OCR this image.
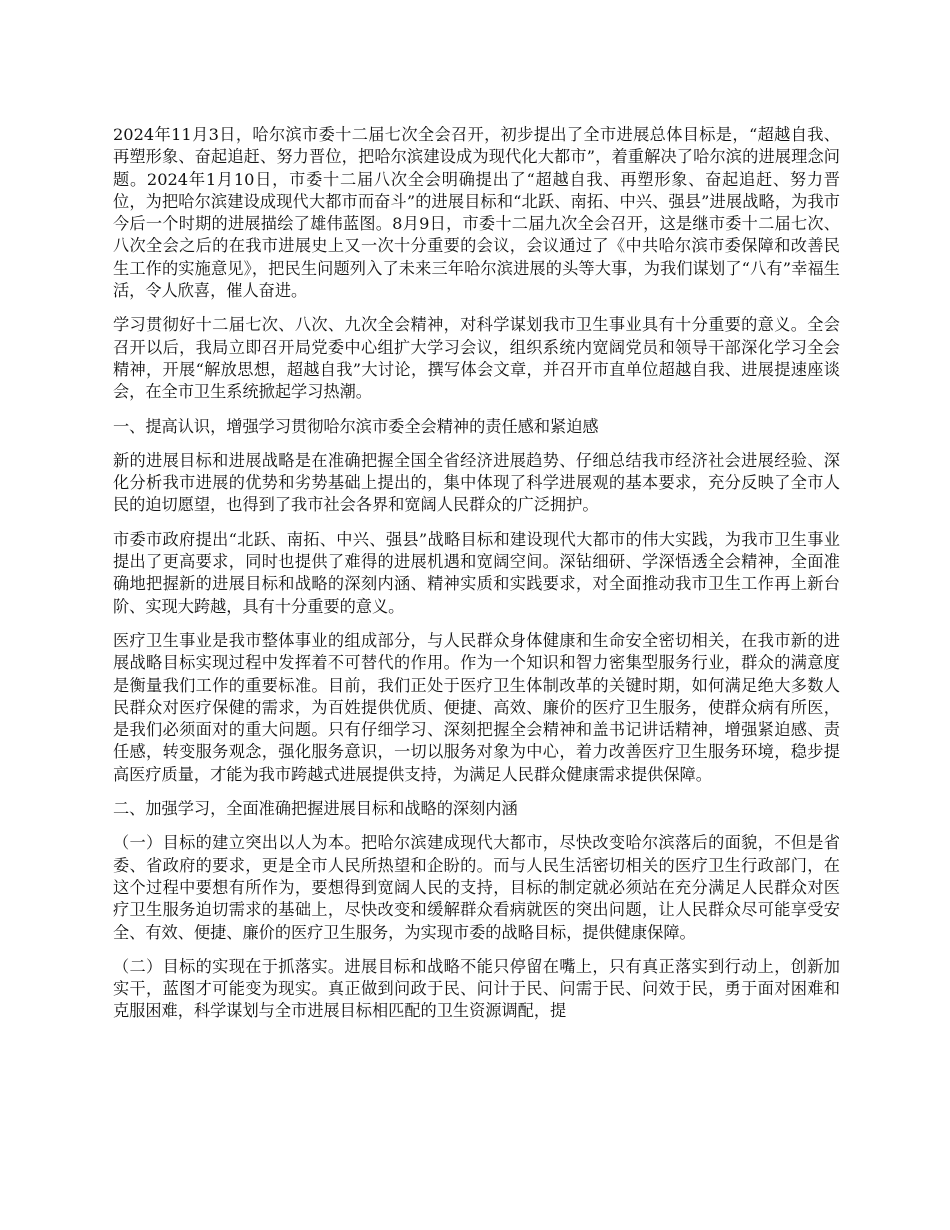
2024年11月3日，哈尔滨市委十二届七次全会召开，初步提出了全市进展总体目标是，“超越自我、再塑形象、奋起追赶、努力晋位，把哈尔滨建设成为现代化大都市”，着重解决了哈尔滨的进展理念问题。2024年1月10日，市委十二届八次全会明确提出了“超越自我、再塑形象、奋起追赶、努力晋位，为把哈尔滨建设成现代大都市而奋斗”的进展目标和“北跃、南拓、中兴、强县”进展战略，为我市今后一个时期的进展描绘了雄伟蓝图。8月9日，市委十二届九次全会召开，这是继市委十二届七次、八次全会之后的在我市进展史上又一次十分重要的会议，会议通过了《中共哈尔滨市委保障和改善民生工作的实施意见》，把民生问题列入了未来三年哈尔滨进展的头等大事，为我们谋划了“八有”幸福生活，令人欣喜，催人奋进。

学习贯彻好十二届七次、八次、九次全会精神，对科学谋划我市卫生事业具有十分重要的意义。全会召开以后，我局立即召开局党委中心组扩大学习会议，组织系统内宽阔党员和领导干部深化学习全会精神，开展“解放思想，超越自我”大讨论，撰写体会文章，并召开市直单位超越自我、进展提速座谈会，在全市卫生系统掀起学习热潮。

一、提高认识，增强学习贯彻哈尔滨市委全会精神的责任感和紧迫感

新的进展目标和进展战略是在准确把握全国全省经济进展趋势、仔细总结我市经济社会进展经验、深化分析我市进展的优势和劣势基础上提出的，集中体现了科学进展观的基本要求，充分反映了全市人民的迫切愿望，也得到了我市社会各界和宽阔人民群众的广泛拥护。

市委市政府提出“北跃、南拓、中兴、强县”战略目标和建设现代大都市的伟大实践，为我市卫生事业提出了更高要求，同时也提供了难得的进展机遇和宽阔空间。深钻细研、学深悟透全会精神，全面准确地把握新的进展目标和战略的深刻内涵、精神实质和实践要求，对全面推动我市卫生工作再上新台阶、实现大跨越，具有十分重要的意义。

医疗卫生事业是我市整体事业的组成部分，与人民群众身体健康和生命安全密切相关，在我市新的进展战略目标实现过程中发挥着不可替代的作用。作为一个知识和智力密集型服务行业，群众的满意度是衡量我们工作的重要标准。目前，我们正处于医疗卫生体制改革的关键时期，如何满足绝大多数人民群众对医疗保健的需求，为百姓提供优质、便捷、高效、廉价的医疗卫生服务，使群众病有所医，是我们必须面对的重大问题。只有仔细学习、深刻把握全会精神和盖书记讲话精神，增强紧迫感、责任感，转变服务观念，强化服务意识，一切以服务对象为中心，着力改善医疗卫生服务环境，稳步提高医疗质量，才能为我市跨越式进展提供支持，为满足人民群众健康需求提供保障。

二、加强学习，全面准确把握进展目标和战略的深刻内涵

（一）目标的建立突出以人为本。把哈尔滨建成现代大都市，尽快改变哈尔滨落后的面貌，不但是省委、省政府的要求，更是全市人民所热望和企盼的。而与人民生活密切相关的医疗卫生行政部门，在这个过程中要想有所作为，要想得到宽阔人民的支持，目标的制定就必须站在充分满足人民群众对医疗卫生服务迫切需求的基础上，尽快改变和缓解群众看病就医的突出问题，让人民群众尽可能享受安全、有效、便捷、廉价的医疗卫生服务，为实现市委的战略目标，提供健康保障。

（二）目标的实现在于抓落实。进展目标和战略不能只停留在嘴上，只有真正落实到行动上，创新加实干，蓝图才可能变为现实。真正做到问政于民、问计于民、问需于民、问效于民，勇于面对困难和克服困难，科学谋划与全市进展目标相匹配的卫生资源调配，提
